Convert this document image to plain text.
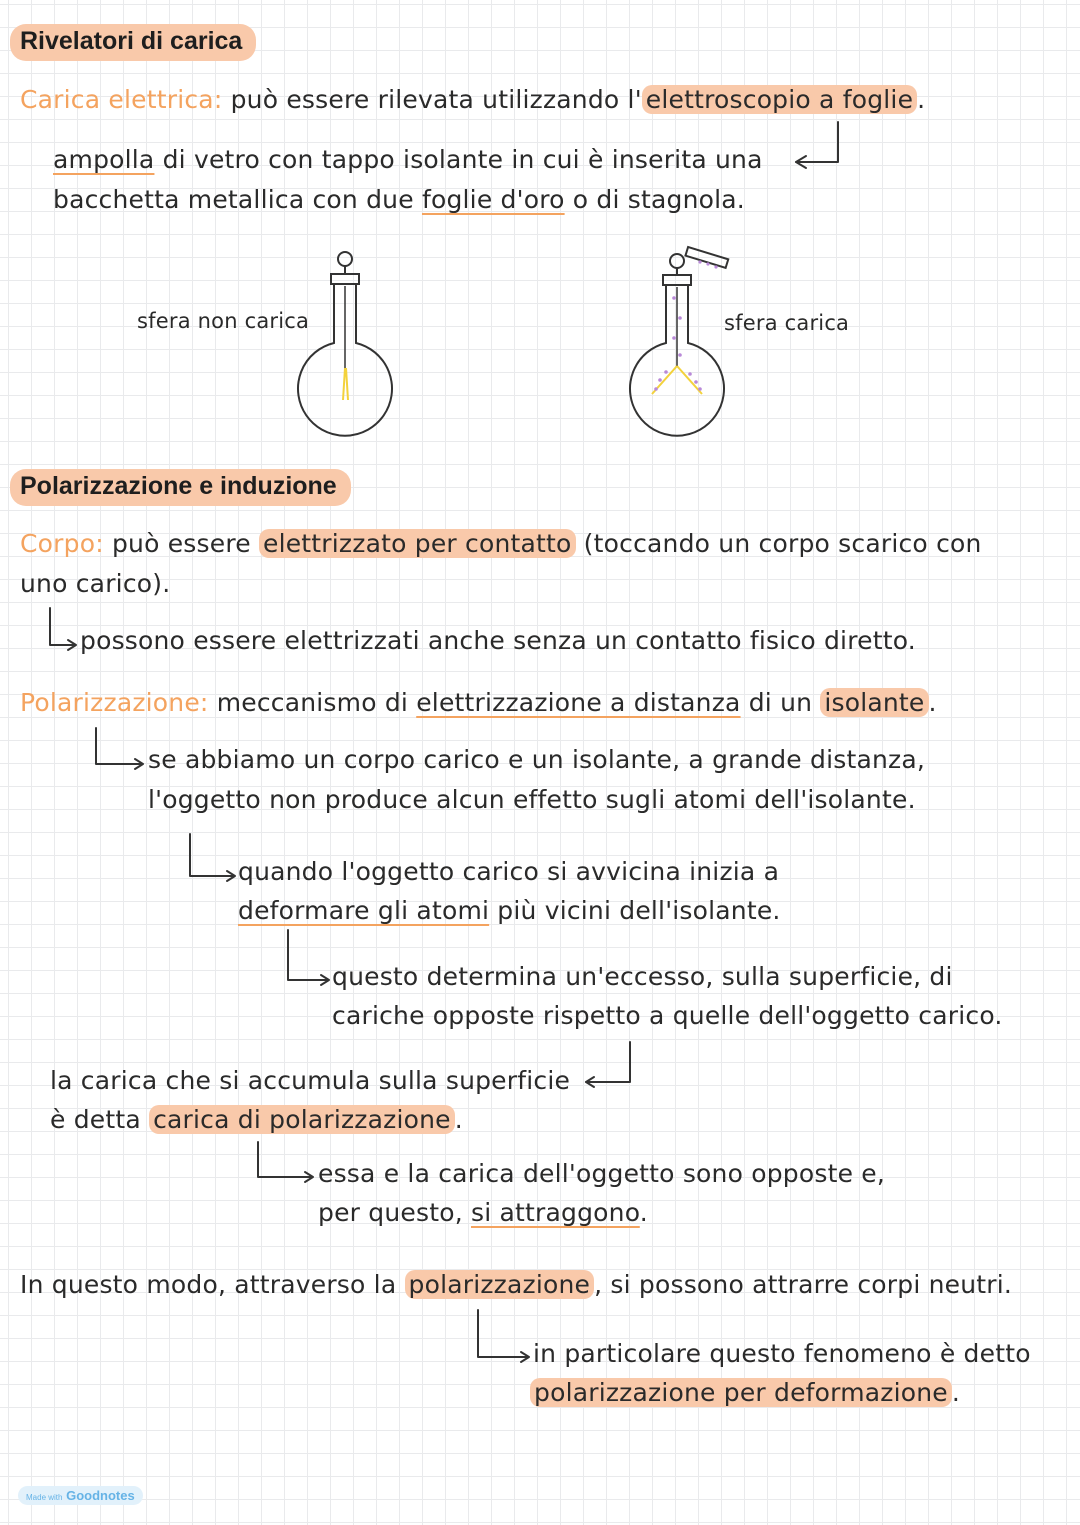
Rivelatori di carica
Carica elettrica: può essere rilevata utilizzando l' elettroscopio a foglie .
ampolla di vetro con tappo isolante in cui è inserita una
bacchetta metallica con due foglie d'oro o di stagnola.
sfera non carica	sfera carica
Polarizzazione e induzione
Corpo: può essere elettrizzato per contatto (toccando un corpo scarico con
uno carico).
possono essere elettrizzati anche senza un contatto fisico diretto.
Polarizzazione: meccanismo di elettrizzazione a distanza di un isolante .
se abbiamo un corpo carico e un isolante, a grande distanza,
l'oggetto non produce alcun effetto sugli atomi dell'isolante.
quando l'oggetto carico si avvicina inizia a
deformare gli atomi più vicini dell'isolante.
questo determina un'eccesso, sulla superficie, di
cariche opposte rispetto a quelle dell'oggetto carico.
la carica che si accumula sulla superficie
è detta carica di polarizzazione .
essa e la carica dell'oggetto sono opposte e,
per questo, si attraggono.
In questo modo, attraverso la polarizzazione , si possono attrarre corpi neutri.
in particolare questo fenomeno è detto
polarizzazione per deformazione .
Made with Goodnotes
